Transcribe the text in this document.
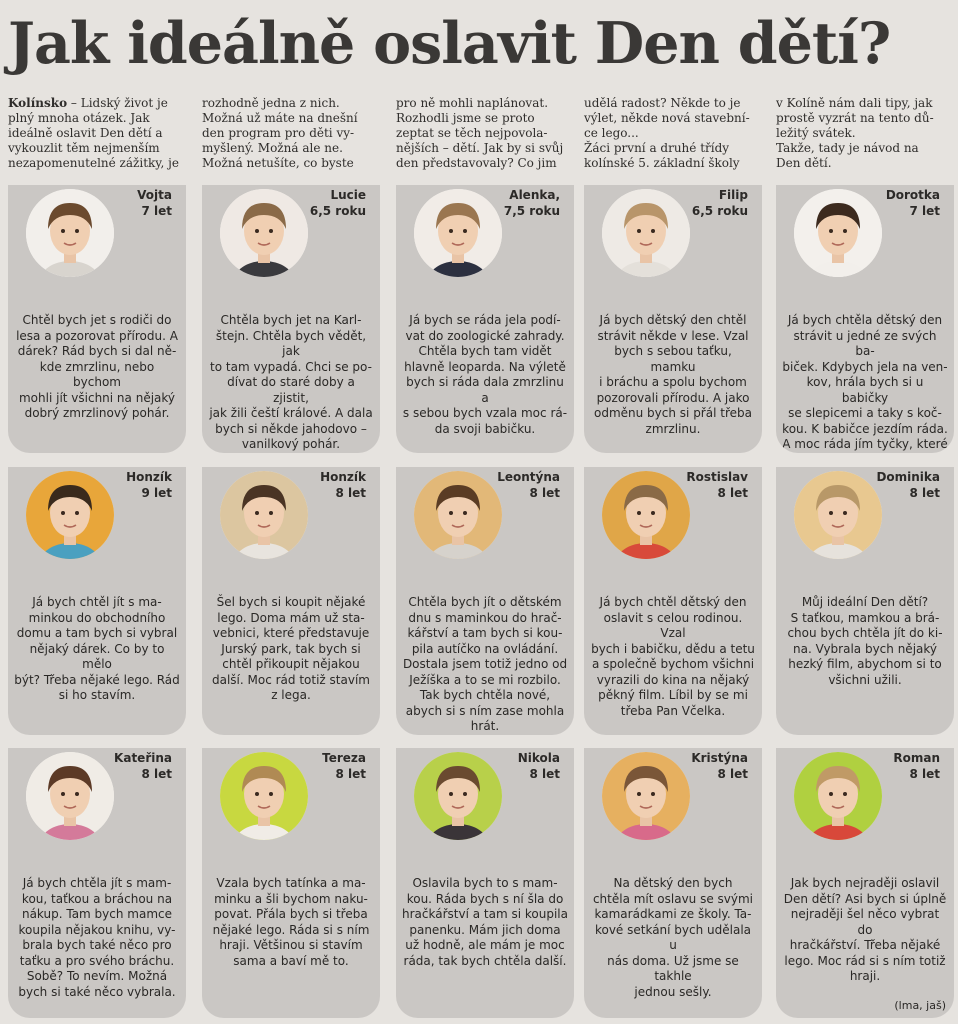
Jak ideálně oslavit Den dětí?
Kolínsko – Lidský život je
plný mnoha otázek. Jak
ideálně oslavit Den dětí a
vykouzlit těm nejmenším
nezapomenutelné zážitky, je
rozhodně jedna z nich.
Možná už máte na dnešní
den program pro děti vy-
myšlený. Možná ale ne.
Možná netušíte, co byste
pro ně mohli naplánovat.
Rozhodli jsme se proto
zeptat se těch nejpovola-
nějších – dětí. Jak by si svůj
den představovaly? Co jim
udělá radost? Někde to je
výlet, někde nová stavební-
ce lego...
Žáci první a druhé třídy
kolínské 5. základní školy
v Kolíně nám dali tipy, jak
prostě vyzrát na tento dů-
ležitý svátek.
Takže, tady je návod na
Den dětí.
Vojta
7 let
Chtěl bych jet s rodiči do
lesa a pozorovat přírodu. A
dárek? Rád bych si dal ně-
kde zmrzlinu, nebo bychom
mohli jít všichni na nějaký
dobrý zmrzlinový pohár.
Lucie
6,5 roku
Chtěla bych jet na Karl-
štejn. Chtěla bych vědět, jak
to tam vypadá. Chci se po-
dívat do staré doby a zjistit,
jak žili čeští králové. A dala
bych si někde jahodovo –
vanilkový pohár.
Alenka,
7,5 roku
Já bych se ráda jela podí-
vat do zoologické zahrady.
Chtěla bych tam vidět
hlavně leoparda. Na výletě
bych si ráda dala zmrzlinu a
s sebou bych vzala moc rá-
da svoji babičku.
Filip
6,5 roku
Já bych dětský den chtěl
strávit někde v lese. Vzal
bych s sebou taťku, mamku
i bráchu a spolu bychom
pozorovali přírodu. A jako
odměnu bych si přál třeba
zmrzlinu.
Dorotka
7 let
Já bych chtěla dětský den
strávit u jedné ze svých ba-
biček. Kdybych jela na ven-
kov, hrála bych si u babičky
se slepicemi a taky s koč-
kou. K babičce jezdím ráda.
A moc ráda jím tyčky, které

Honzík
9 let
Já bych chtěl jít s ma-
minkou do obchodního
domu a tam bych si vybral
nějaký dárek. Co by to mělo
být? Třeba nějaké lego. Rád
si ho stavím.
Honzík
8 let
Šel bych si koupit nějaké
lego. Doma mám už sta-
vebnici, které představuje
Jurský park, tak bych si
chtěl přikoupit nějakou
další. Moc rád totiž stavím
z lega.
Leontýna
8 let
Chtěla bych jít o dětském
dnu s maminkou do hrač-
kářství a tam bych si kou-
pila autíčko na ovládání.
Dostala jsem totiž jedno od
Ježíška a to se mi rozbilo.
Tak bych chtěla nové,
abych si s ním zase mohla
hrát.
Rostislav
8 let
Já bych chtěl dětský den
oslavit s celou rodinou. Vzal
bych i babičku, dědu a tetu
a společně bychom všichni
vyrazili do kina na nějaký
pěkný film. Líbil by se mi
třeba Pan Včelka.
Dominika
8 let
Můj ideální Den dětí?
S taťkou, mamkou a brá-
chou bych chtěla jít do ki-
na. Vybrala bych nějaký
hezký film, abychom si to
všichni užili.
Kateřina
8 let
Já bych chtěla jít s mam-
kou, taťkou a bráchou na
nákup. Tam bych mamce
koupila nějakou knihu, vy-
brala bych také něco pro
taťku a pro svého bráchu.
Sobě? To nevím. Možná
bych si také něco vybrala.
Tereza
8 let
Vzala bych tatínka a ma-
minku a šli bychom naku-
povat. Přála bych si třeba
nějaké lego. Ráda si s ním
hraji. Většinou si stavím
sama a baví mě to.
Nikola
8 let
Oslavila bych to s mam-
kou. Ráda bych s ní šla do
hračkářství a tam si koupila
panenku. Mám jich doma
už hodně, ale mám je moc
ráda, tak bych chtěla další.
Kristýna
8 let
Na dětský den bych
chtěla mít oslavu se svými
kamarádkami ze školy. Ta-
kové setkání bych udělala u
nás doma. Už jsme se takhle
jednou sešly.
Roman
8 let
Jak bych nejraději oslavil
Den dětí? Asi bych si úplně
nejraději šel něco vybrat do
hračkářství. Třeba nějaké
lego. Moc rád si s ním totiž
hraji.
(lma, jaš)
